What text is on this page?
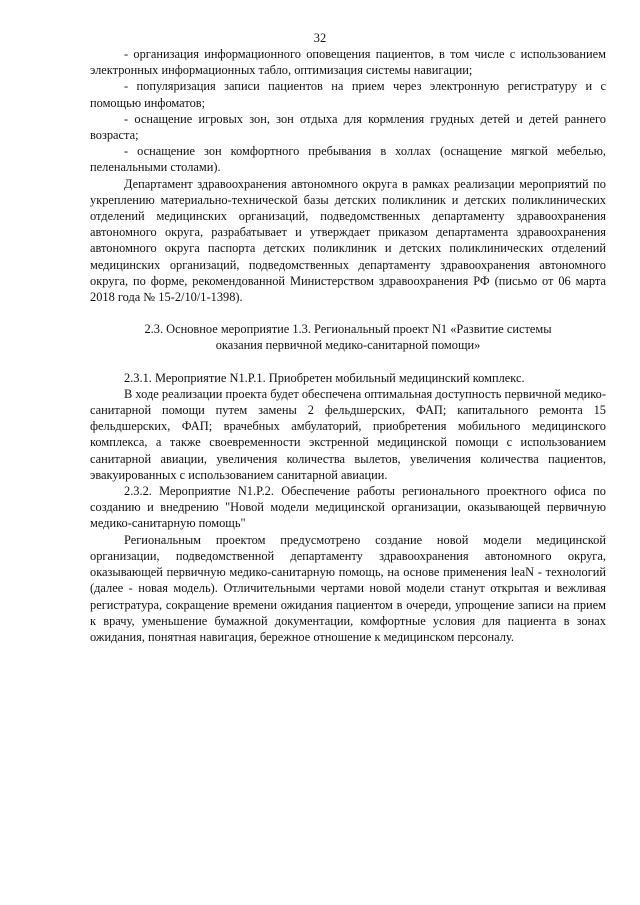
32

- организация информационного оповещения пациентов, в том числе с использованием электронных информационных табло, оптимизация системы навигации;

- популяризация записи пациентов на прием через электронную регистратуру и с помощью инфоматов;

- оснащение игровых зон, зон отдыха для кормления грудных детей и детей раннего возраста;

- оснащение зон комфортного пребывания в холлах (оснащение мягкой мебелью, пеленальными столами).

Департамент здравоохранения автономного округа в рамках реализации мероприятий по укреплению материально-технической базы детских поликлиник и детских поликлинических отделений медицинских организаций, подведомственных департаменту здравоохранения автономного округа, разрабатывает и утверждает приказом департамента здравоохранения автономного округа паспорта детских поликлиник и детских поликлинических отделений медицинских организаций, подведомственных департаменту здравоохранения автономного округа, по форме, рекомендованной Министерством здравоохранения РФ (письмо от 06 марта 2018 года № 15-2/10/1-1398).

2.3. Основное мероприятие 1.3. Региональный проект N1 «Развитие системы оказания первичной медико-санитарной помощи»

2.3.1. Мероприятие N1.P.1. Приобретен мобильный медицинский комплекс.

В ходе реализации проекта будет обеспечена оптимальная доступность первичной медико-санитарной помощи путем замены 2 фельдшерских, ФАП; капитального ремонта 15 фельдшерских, ФАП; врачебных амбулаторий, приобретения мобильного медицинского комплекса, а также своевременности экстренной медицинской помощи с использованием санитарной авиации, увеличения количества вылетов, увеличения количества пациентов, эвакуированных с использованием санитарной авиации.

2.3.2. Мероприятие N1.P.2. Обеспечение работы регионального проектного офиса по созданию и внедрению "Новой модели медицинской организации, оказывающей первичную медико-санитарную помощь"

Региональным проектом предусмотрено создание новой модели медицинской организации, подведомственной департаменту здравоохранения автономного округа, оказывающей первичную медико-санитарную помощь, на основе применения leaN - технологий (далее - новая модель). Отличительными чертами новой модели станут открытая и вежливая регистратура, сокращение времени ожидания пациентом в очереди, упрощение записи на прием к врачу, уменьшение бумажной документации, комфортные условия для пациента в зонах ожидания, понятная навигация, бережное отношение к медицинском персоналу.
